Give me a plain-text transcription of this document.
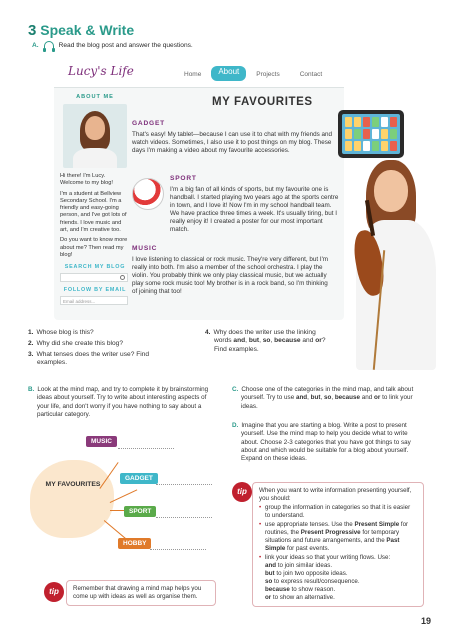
3 Speak & Write
A.	Read the blog post and answer the questions.
Lucy's Life	Home	About	Projects	Contact
ABOUT ME

Hi there! I'm Lucy. Welcome to my blog!

I'm a student at Bellview Secondary School. I'm a friendly and easy-going person, and I've got lots of friends. I love music and art, and I'm creative too.

Do you want to know more about me? Then read my blog!

SEARCH MY BLOG
FOLLOW BY EMAIL
Email address...
MY FAVOURITES
GADGET
That's easy! My tablet—because I can use it to chat with my friends and watch videos. Sometimes, I also use it to post things on my blog. These days I'm making a video about my favourite accessories.
SPORT
I'm a big fan of all kinds of sports, but my favourite one is handball. I started playing two years ago at the sports centre in town, and I love it! Now I'm in my school handball team. We have practice three times a week. It's usually tiring, but I really enjoy it! I created a poster for our most important match.
MUSIC
I love listening to classical or rock music. They're very different, but I'm really into both. I'm also a member of the school orchestra. I play the violin. You probably think we only play classical music, but we actually play some rock music too! My brother is in a rock band, so I'm thinking of joining that too!
1. Whose blog is this?
2. Why did she create this blog?
3. What tenses does the writer use? Find examples.
4. Why does the writer use the linking words and, but, so, because and or? Find examples.
B. Look at the mind map, and try to complete it by brainstorming ideas about yourself. Try to write about interesting aspects of your life, and don't worry if you have nothing to say about a particular category.
MY FAVOURITES
MUSIC
GADGET
SPORT
HOBBY
tip	Remember that drawing a mind map helps you come up with ideas as well as organise them.
C. Choose one of the categories in the mind map, and talk about yourself. Try to use and, but, so, because and or to link your ideas.
D. Imagine that you are starting a blog. Write a post to present yourself. Use the mind map to help you decide what to write about. Choose 2-3 categories that you have got things to say about and which would be suitable for a blog about yourself. Expand on these ideas.
tip	When you want to write information presenting yourself, you should:
• group the information in categories so that it is easier to understand.
• use appropriate tenses. Use the Present Simple for routines, the Present Progressive for temporary situations and future arrangements, and the Past Simple for past events.
• link your ideas so that your writing flows. Use:
and to join similar ideas.
but to join two opposite ideas.
so to express result/consequence.
because to show reason.
or to show an alternative.
19
